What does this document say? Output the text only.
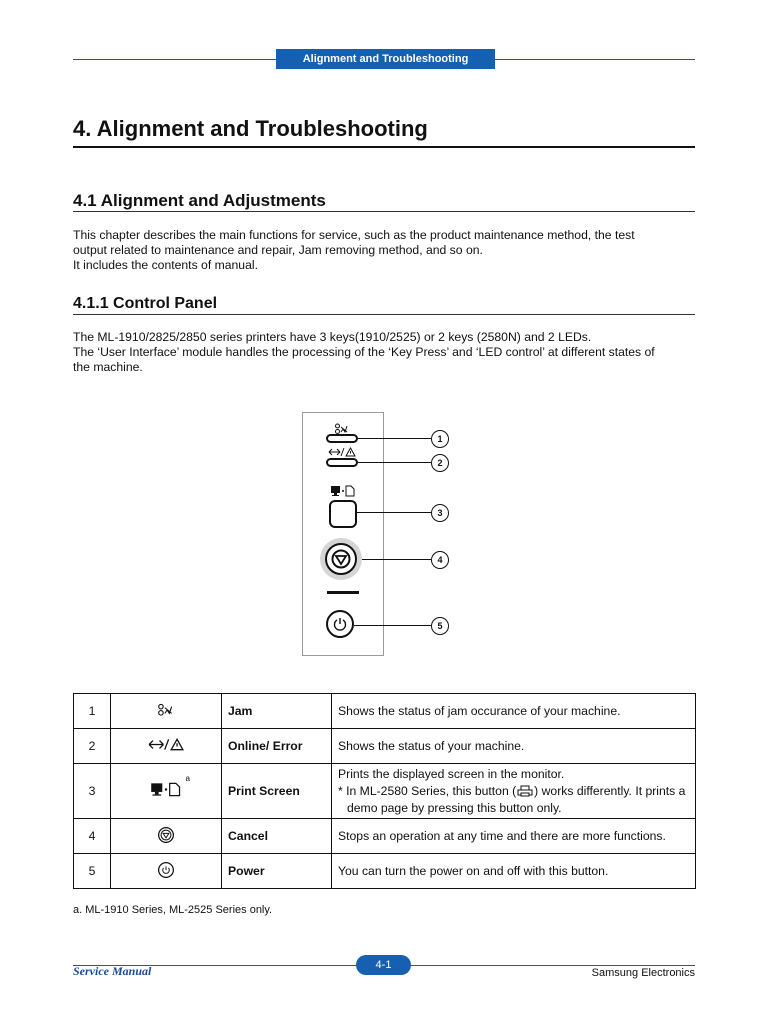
Alignment and Troubleshooting
4. Alignment and Troubleshooting
4.1 Alignment and Adjustments
This chapter describes the main functions for service, such as the product maintenance method, the test
output related to maintenance and repair, Jam removing method, and so on.
It includes the contents of manual.
4.1.1 Control Panel
The ML-1910/2825/2850 series printers have 3 keys(1910/2525) or 2 keys (2580N) and 2 LEDs.
The ‘User Interface’ module handles the processing of the ‘Key Press’ and ‘LED control’ at different states of
the machine.
1
2
3
4
5
1		Jam	Shows the status of jam occurance of your machine.

2		Online/ Error	Shows the status of your machine.

3	a	Print Screen	Prints the displayed screen in the monitor.
* In ML-2580 Series, this button ( ) works differently. It prints a
demo page by pressing this button only.

4		Cancel	Stops an operation at any time and there are more functions.

5		Power	You can turn the power on and off with this button.
a. ML-1910 Series, ML-2525 Series only.
Service Manual	4-1
Samsung Electronics
